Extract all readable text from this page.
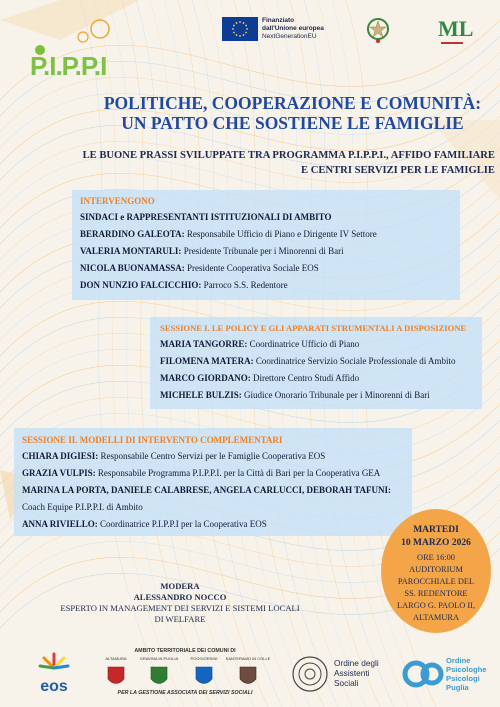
P.I.P.P.I
Finanziato
dall'Unione europea
NextGenerationEU	ML
POLITICHE, COOPERAZIONE E COMUNITÀ:
UN PATTO CHE SOSTIENE LE FAMIGLIE
LE BUONE PRASSI SVILUPPATE TRA PROGRAMMA P.I.P.P.I., AFFIDO FAMILIARE
E CENTRI SERVIZI PER LE FAMIGLIE
INTERVENGONO
SINDACI e RAPPRESENTANTI ISTITUZIONALI DI AMBITO
BERARDINO GALEOTA: Responsabile Ufficio di Piano e Dirigente IV Settore
VALERIA MONTARULI: Presidente Tribunale per i Minorenni di Bari
NICOLA BUONAMASSA: Presidente Cooperativa Sociale EOS
DON NUNZIO FALCICCHIO: Parroco S.S. Redentore
SESSIONE I. LE POLICY E GLI APPARATI STRUMENTALI A DISPOSIZIONE
MARIA TANGORRE: Coordinatrice Ufficio di Piano
FILOMENA MATERA: Coordinatrice Servizio Sociale Professionale di Ambito
MARCO GIORDANO: Direttore Centro Studi Affido
MICHELE BULZIS: Giudice Onorario Tribunale per i Minorenni di Bari
SESSIONE II. MODELLI DI INTERVENTO COMPLEMENTARI
CHIARA DIGIESI: Responsabile Centro Servizi per le Famiglie Cooperativa EOS
GRAZIA VULPIS: Responsabile Programma P.I.P.P.I. per la Città di Bari per la Cooperativa GEA
MARINA LA PORTA, DANIELE CALABRESE, ANGELA CARLUCCI, DEBORAH TAFUNI:
Coach Equipe P.I.P.P.I. di Ambito
ANNA RIVIELLO: Coordinatrice P.I.P.P.I per la Cooperativa EOS
MARTEDI
10 MARZO 2026
ORE 16:00
AUDITORIUM
PAROCCHIALE DEL
SS. REDENTORE
LARGO G. PAOLO II,
ALTAMURA
MODERA
ALESSANDRO NOCCO
ESPERTO IN MANAGEMENT DEI SERVIZI E SISTEMI LOCALI
DI WELFARE
eos
AMBITO TERRITORIALE DEI COMUNI DI
ALTAMURA	GRAVINA IN PUGLIA	POGGIORSINI	SANTERAMO IN COLLE
PER LA GESTIONE ASSOCIATA DEI SERVIZI SOCIALI
Ordine degli
Assistenti
Sociali
Ordine
Psicologhe
Psicologi
Puglia
